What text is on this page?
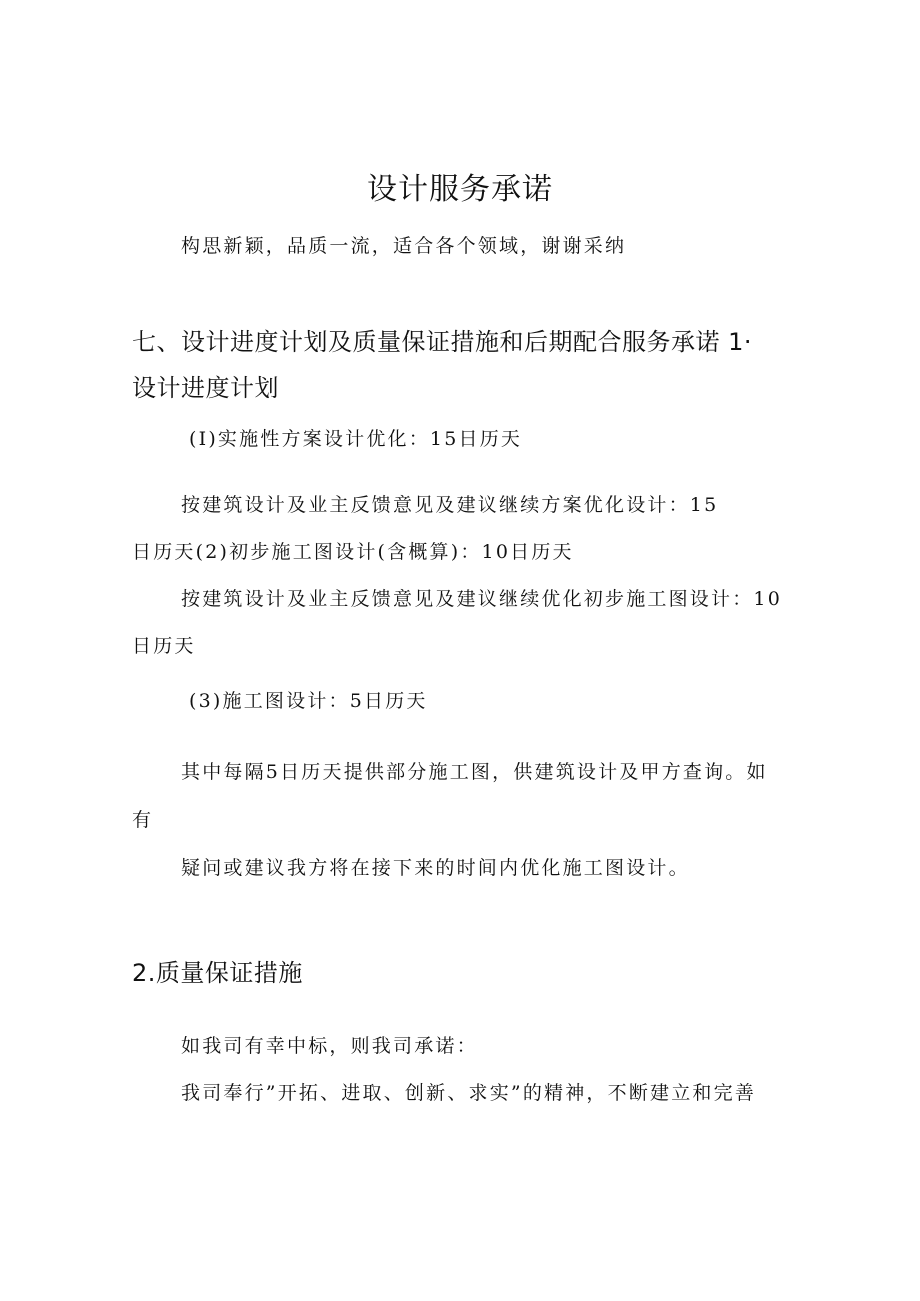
设计服务承诺
构思新颖，品质一流，适合各个领域，谢谢采纳
七、设计进度计划及质量保证措施和后期配合服务承诺 1·
设计进度计划
(I)实施性方案设计优化：15日历天
按建筑设计及业主反馈意见及建议继续方案优化设计：15
日历天(2)初步施工图设计(含概算)：10日历天
按建筑设计及业主反馈意见及建议继续优化初步施工图设计：10
日历天
(3)施工图设计：5日历天
其中每隔5日历天提供部分施工图，供建筑设计及甲方查询。如
有
疑问或建议我方将在接下来的时间内优化施工图设计。
2.质量保证措施
如我司有幸中标，则我司承诺：
我司奉行”开拓、进取、创新、求实”的精神，不断建立和完善
